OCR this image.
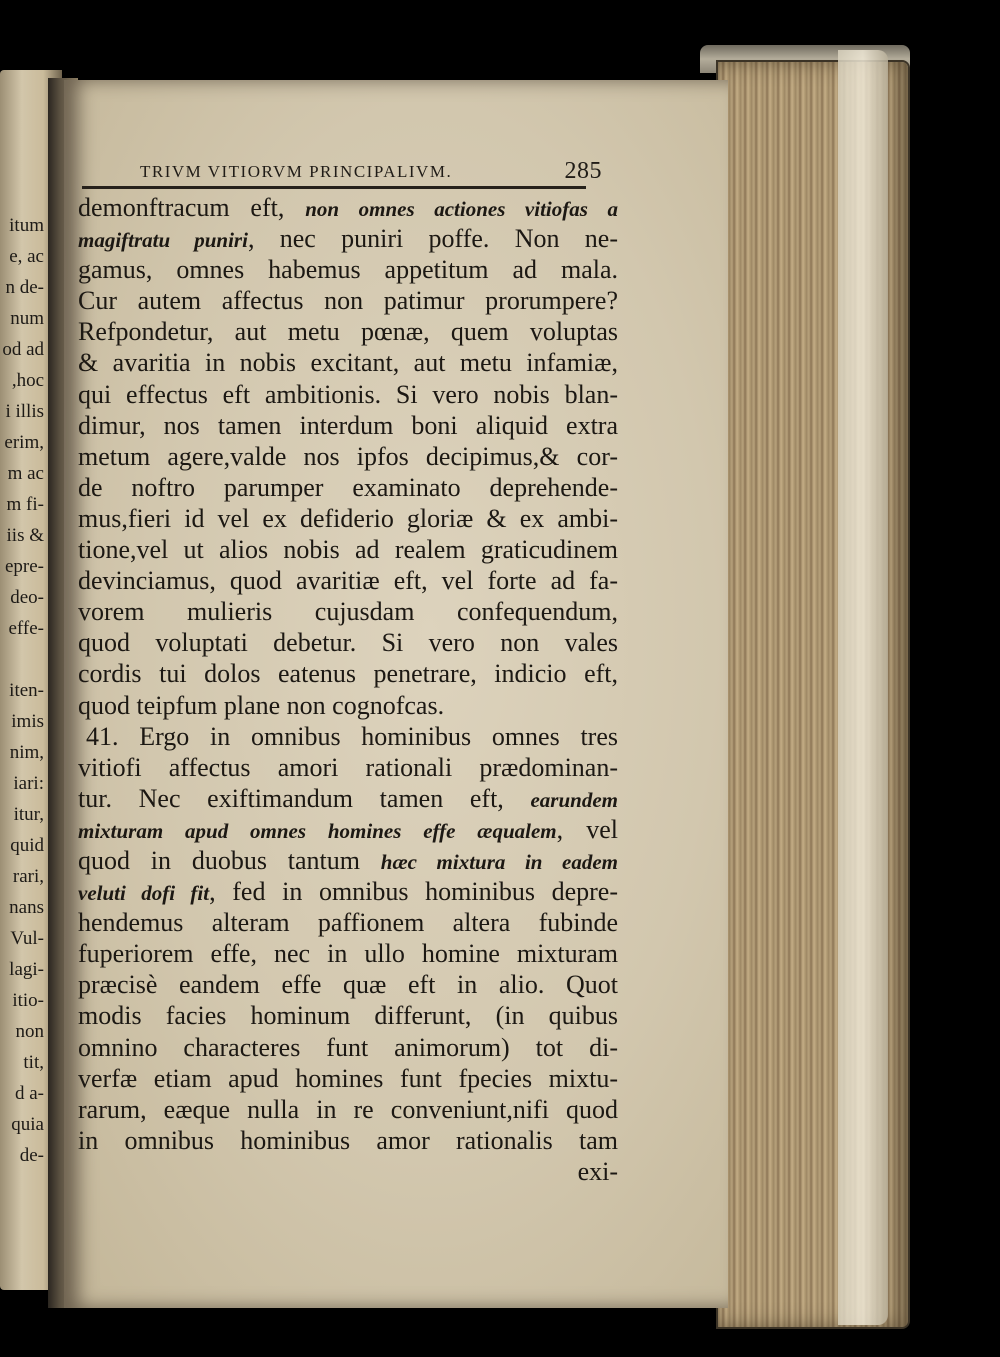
itum
e, ac
n de-
num
od ad
,hoc
i illis
erim,
m ac
m fi-
iis &
epre-
deo-
effe-
iten-
imis
nim,
iari:
itur,
quid
rari,
nans
Vul-
lagi-
itio-
non
tit,
d a-
quia
de-
TRIVM VITIORVM PRINCIPALIVM.	285
demonftracum eft, non omnes actiones vitiofas a
magiftratu puniri, nec puniri poffe. Non ne-
gamus, omnes habemus appetitum ad mala.
Cur autem affectus non patimur prorumpere?
Refpondetur, aut metu pœnæ, quem voluptas
& avaritia in nobis excitant, aut metu infamiæ,
qui effectus eft ambitionis. Si vero nobis blan-
dimur, nos tamen interdum boni aliquid extra
metum agere,valde nos ipfos decipimus,& cor-
de noftro parumper examinato deprehende-
mus,fieri id vel ex defiderio gloriæ & ex ambi-
tione,vel ut alios nobis ad realem graticudinem
devinciamus, quod avaritiæ eft, vel forte ad fa-
vorem mulieris cujusdam confequendum,
quod voluptati debetur. Si vero non vales
cordis tui dolos eatenus penetrare, indicio eft,
quod teipfum plane non cognofcas.
41. Ergo in omnibus hominibus omnes tres
vitiofi affectus amori rationali prædominan-
tur. Nec exiftimandum tamen eft, earundem
mixturam apud omnes homines effe æqualem, vel
quod in duobus tantum hæc mixtura in eadem
veluti dofi fit, fed in omnibus hominibus depre-
hendemus alteram paffionem altera fubinde
fuperiorem effe, nec in ullo homine mixturam
præcisè eandem effe quæ eft in alio. Quot
modis facies hominum differunt, (in quibus
omnino characteres funt animorum) tot di-
verfæ etiam apud homines funt fpecies mixtu-
rarum, eæque nulla in re conveniunt,nifi quod
in omnibus hominibus amor rationalis tam
exi-
